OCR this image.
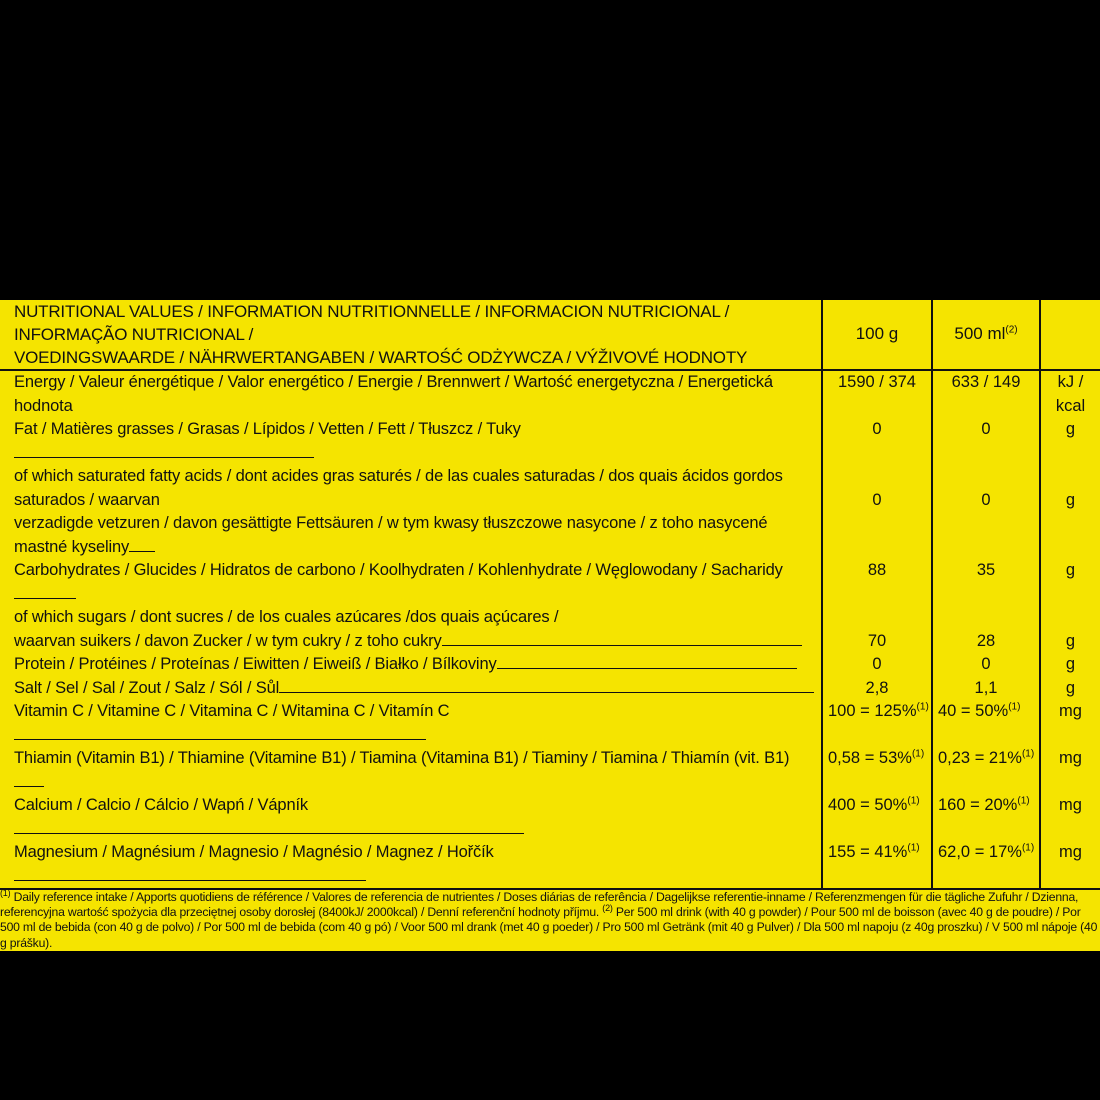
NUTRITIONAL VALUES / INFORMATION NUTRITIONNELLE / INFORMACION NUTRICIONAL / INFORMAÇÃO NUTRICIONAL /
VOEDINGSWAARDE / NÄHRWERTANGABEN / WARTOŚĆ ODŻYWCZA / VÝŽIVOVÉ HODNOTY	100 g	500 $ml^{(2)}$	
Energy / Valeur énergétique / Valor energético / Energie / Brennwert / Wartość energetyczna / Energetická hodnota	1590 / 374	633 / 149	kJ / kcal
Fat / Matières grasses / Grasas / Lípidos / Vetten / Fett / Tłuszcz / Tuky	0	0	g

of which saturated fatty acids / dont acides gras saturés / de las cuales saturadas / dos quais ácidos gordos saturados / waarvan
verzadigde vetzuren / davon gesättigte Fettsäuren / w tym kwasy tłuszczowe nasycone / z toho nasycené mastné kyseliny	0	0	g

Carbohydrates / Glucides / Hidratos de carbono / Koolhydraten / Kohlenhydrate / Węglowodany / Sacharidy	88	35	g

of which sugars / dont sucres / de los cuales azúcares /dos quais açúcares /
waarvan suikers / davon Zucker / w tym cukry / z toho cukry	70	28	g

Protein / Protéines / Proteínas / Eiwitten / Eiweiß / Białko / Bílkoviny	0	0	g
Salt / Sel / Sal / Zout / Salz / Sól / Sůl	2,8	1,1	g
Vitamin C / Vitamine C / Vitamina C / Witamina C / Vitamín C	100 = 125%$^{(1)}$	40 = 50%$^{(1)}$	mg
Thiamin (Vitamin B1) / Thiamine (Vitamine B1) / Tiamina (Vitamina B1) / Tiaminy / Tiamina / Thiamín (vit. B1)	0,58 = 53%$^{(1)}$	0,23 = 21%$^{(1)}$	mg
Calcium / Calcio / Cálcio / Wapń / Vápník	400 = 50%$^{(1)}$	160 = 20%$^{(1)}$	mg
Magnesium / Magnésium / Magnesio / Magnésio / Magnez / Hořčík	155 = 41%$^{(1)}$	62,0 = 17%$^{(1)}$	mg
$^{(1)}$ Daily reference intake / Apports quotidiens de référence / Valores de referencia de nutrientes / Doses diárias de referência / Dagelijkse referentie-inname / Referenzmengen für die tägliche Zufuhr / Dzienna, referencyjna wartość spożycia dla przeciętnej osoby dorosłej (8400kJ/ 2000kcal) / Denní referenční hodnoty příjmu. $^{(2)}$ Per 500 ml drink (with 40 g powder) / Pour 500 ml de boisson (avec 40 g de poudre) / Por 500 ml de bebida (con 40 g de polvo) / Por 500 ml de bebida (com 40 g pó) / Voor 500 ml drank (met 40 g poeder) / Pro 500 ml Getränk (mit 40 g Pulver) / Dla 500 ml napoju (z 40g proszku) / V 500 ml nápoje (40 g prášku).			
